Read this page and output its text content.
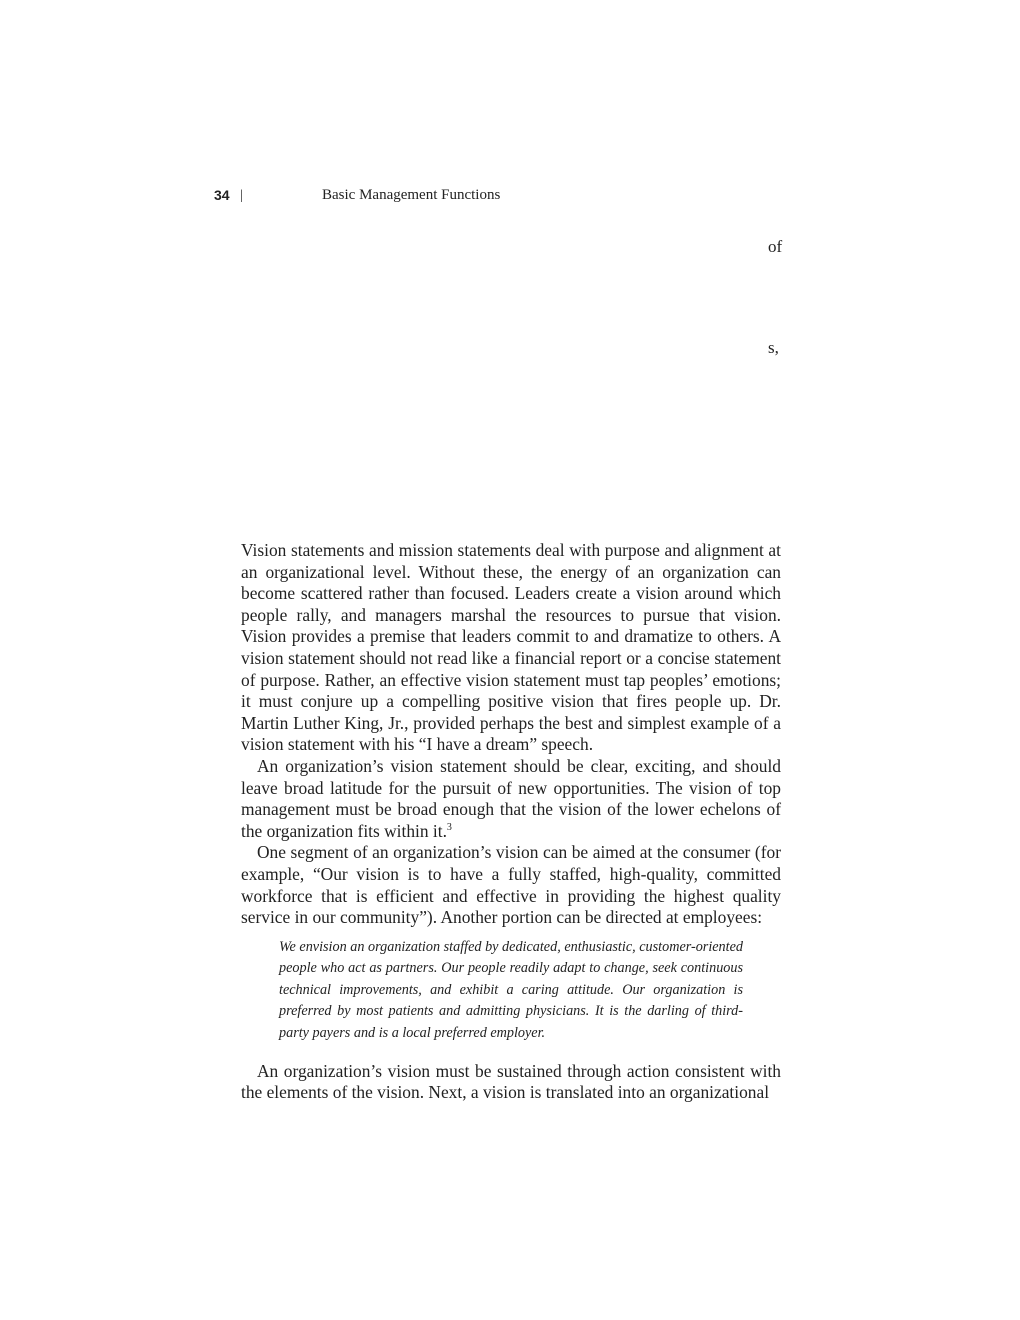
34 |	Basic Management Functions
of
s,

Vision statements and mission statements deal with purpose and alignment at an organizational level. Without these, the energy of an organization can become scattered rather than focused. Leaders create a vision around which people rally, and managers marshal the resources to pursue that vision. Vision provides a premise that leaders commit to and dramatize to others. A vision statement should not read like a financial report or a concise statement of purpose. Rather, an effective vision statement must tap peoples’ emotions; it must conjure up a compelling positive vision that fires people up. Dr. Martin Luther King, Jr., provided perhaps the best and simplest example of a vision statement with his “I have a dream” speech.

An organization’s vision statement should be clear, exciting, and should leave broad latitude for the pursuit of new opportunities. The vision of top management must be broad enough that the vision of the lower echelons of the organization fits within it.$^3$

One segment of an organization’s vision can be aimed at the consumer (for example, “Our vision is to have a fully staffed, high-quality, committed workforce that is efficient and effective in providing the highest quality service in our community”). Another portion can be directed at employees:

We envision an organization staffed by dedicated, enthusiastic, customer-oriented people who act as partners. Our people readily adapt to change, seek continuous technical improvements, and exhibit a caring attitude. Our organization is preferred by most patients and admitting physicians. It is the darling of third-party payers and is a local preferred employer.

An organization’s vision must be sustained through action consistent with the elements of the vision. Next, a vision is translated into an organizational
